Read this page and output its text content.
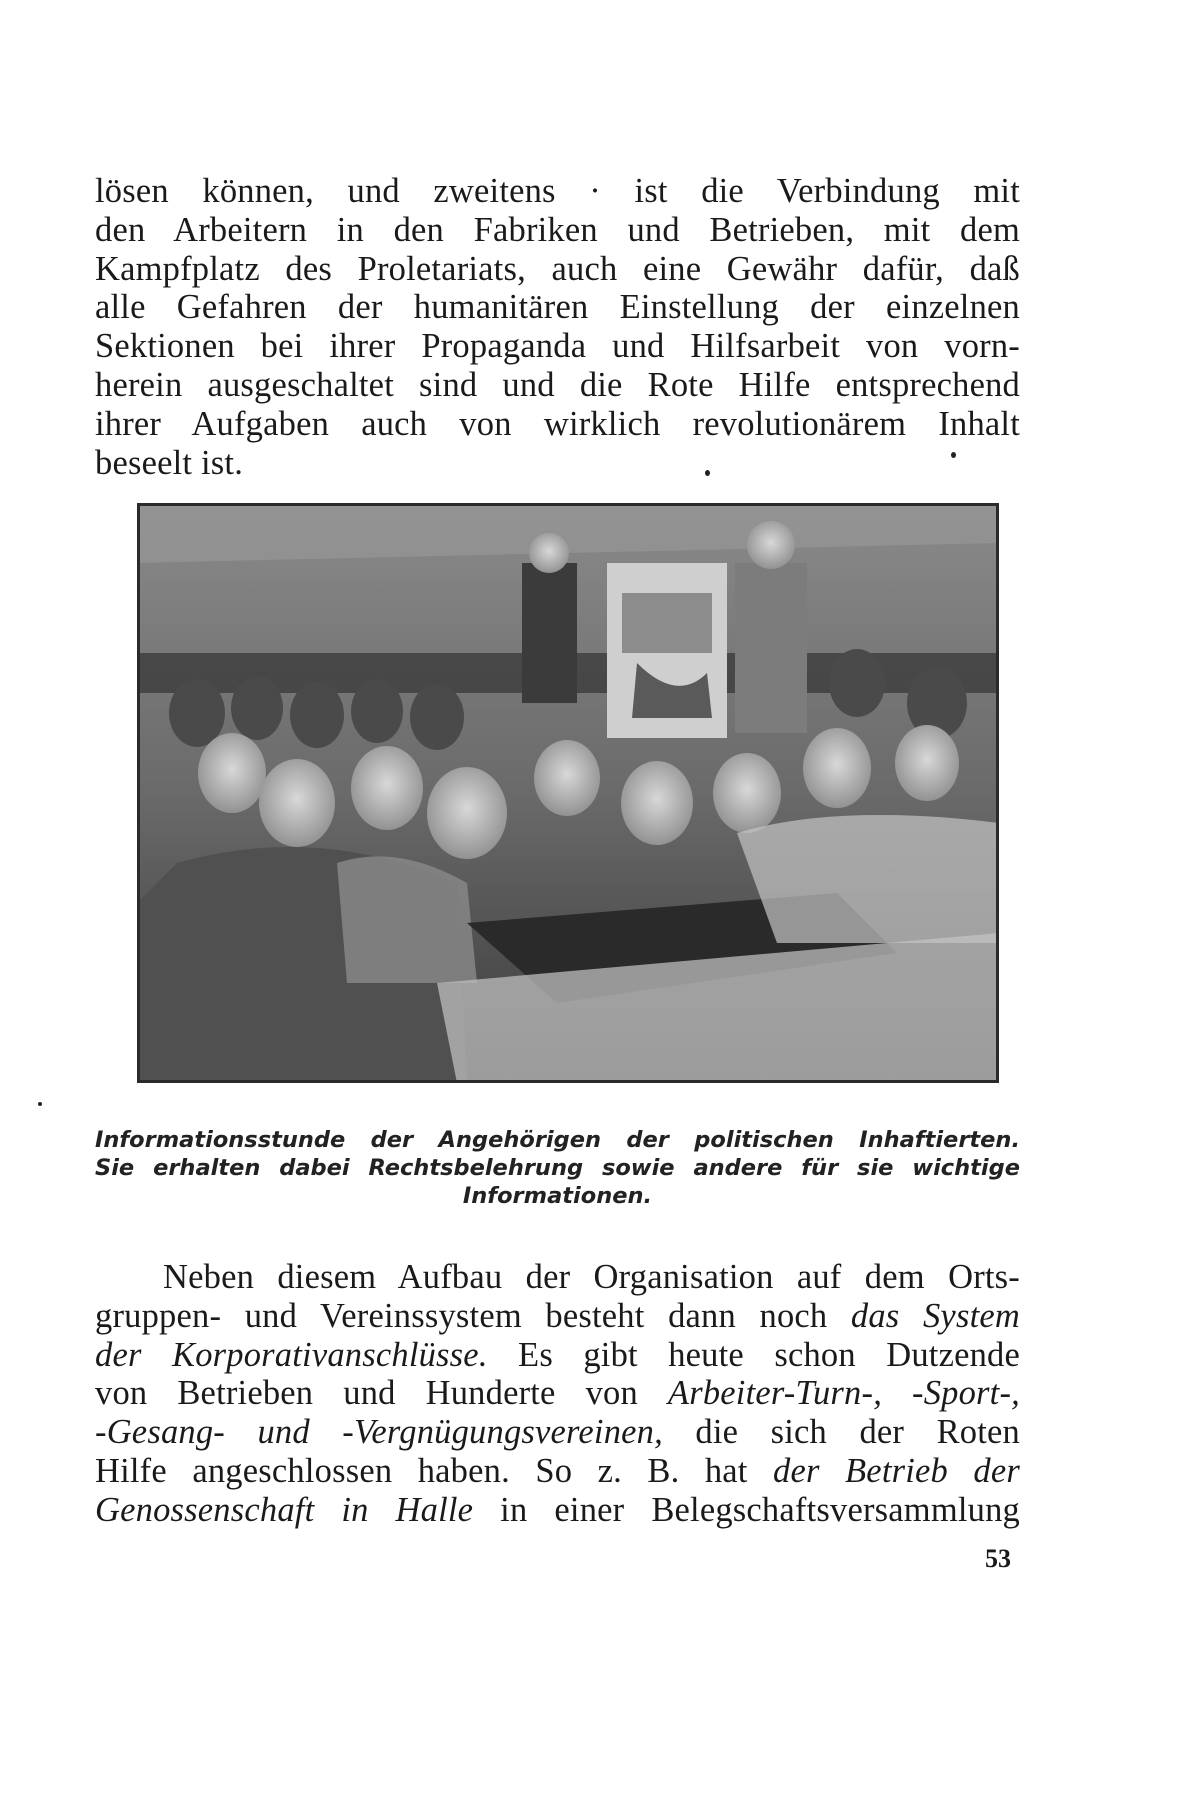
lösen können, und zweitens · ist die Verbindung mit
den Arbeitern in den Fabriken und Betrieben, mit dem
Kampfplatz des Proletariats, auch eine Gewähr dafür, daß
alle Gefahren der humanitären Einstellung der einzelnen
Sektionen bei ihrer Propaganda und Hilfsarbeit von vorn-
herein ausgeschaltet sind und die Rote Hilfe entsprechend
ihrer Aufgaben auch von wirklich revolutionärem Inhalt
beseelt ist.
Informationsstunde der Angehörigen der politischen Inhaftierten.
Sie erhalten dabei Rechtsbelehrung sowie andere für sie wichtige
Informationen.
Neben diesem Aufbau der Organisation auf dem Orts-
gruppen- und Vereinssystem besteht dann noch das System
der Korporativanschlüsse. Es gibt heute schon Dutzende
von Betrieben und Hunderte von Arbeiter-Turn-, -Sport-,
-Gesang- und -Vergnügungsvereinen, die sich der Roten
Hilfe angeschlossen haben. So z. B. hat der Betrieb der
Genossenschaft in Halle in einer Belegschaftsversammlung
53
